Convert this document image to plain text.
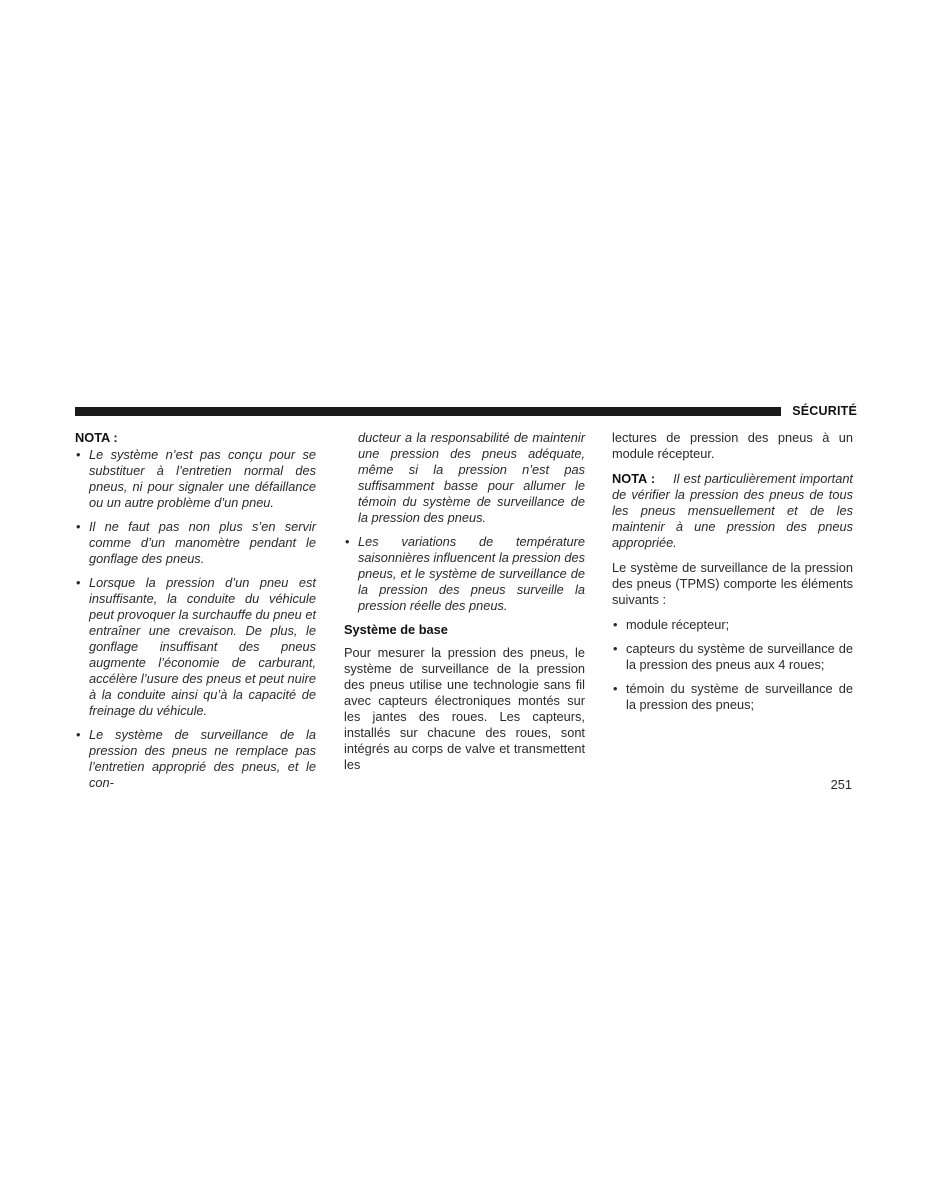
SÉCURITÉ
NOTA :
• Le système n’est pas conçu pour se substituer à l’entretien normal des pneus, ni pour signaler une défaillance ou un autre problème d’un pneu.
• Il ne faut pas non plus s’en servir comme d’un manomètre pendant le gonflage des pneus.
• Lorsque la pression d’un pneu est insuffisante, la conduite du véhicule peut provoquer la surchauffe du pneu et entraîner une crevaison. De plus, le gonflage insuffisant des pneus augmente l’économie de carburant, accélère l’usure des pneus et peut nuire à la conduite ainsi qu’à la capacité de freinage du véhicule.
• Le système de surveillance de la pression des pneus ne remplace pas l’entretien approprié des pneus, et le con-
ducteur a la responsabilité de maintenir une pression des pneus adéquate, même si la pression n’est pas suffisamment basse pour allumer le témoin du système de surveillance de la pression des pneus.
• Les variations de température saisonnières influencent la pression des pneus, et le système de surveillance de la pression des pneus surveille la pression réelle des pneus.
Système de base

Pour mesurer la pression des pneus, le système de surveillance de la pression des pneus utilise une technologie sans fil avec capteurs électroniques montés sur les jantes des roues. Les capteurs, installés sur chacune des roues, sont intégrés au corps de valve et transmettent les

lectures de pression des pneus à un module récepteur.

NOTA : Il est particulièrement important de vérifier la pression des pneus de tous les pneus mensuellement et de les maintenir à une pression des pneus appropriée.

Le système de surveillance de la pression des pneus (TPMS) comporte les éléments suivants :

• module récepteur;
• capteurs du système de surveillance de la pression des pneus aux 4 roues;
• témoin du système de surveillance de la pression des pneus;
251
